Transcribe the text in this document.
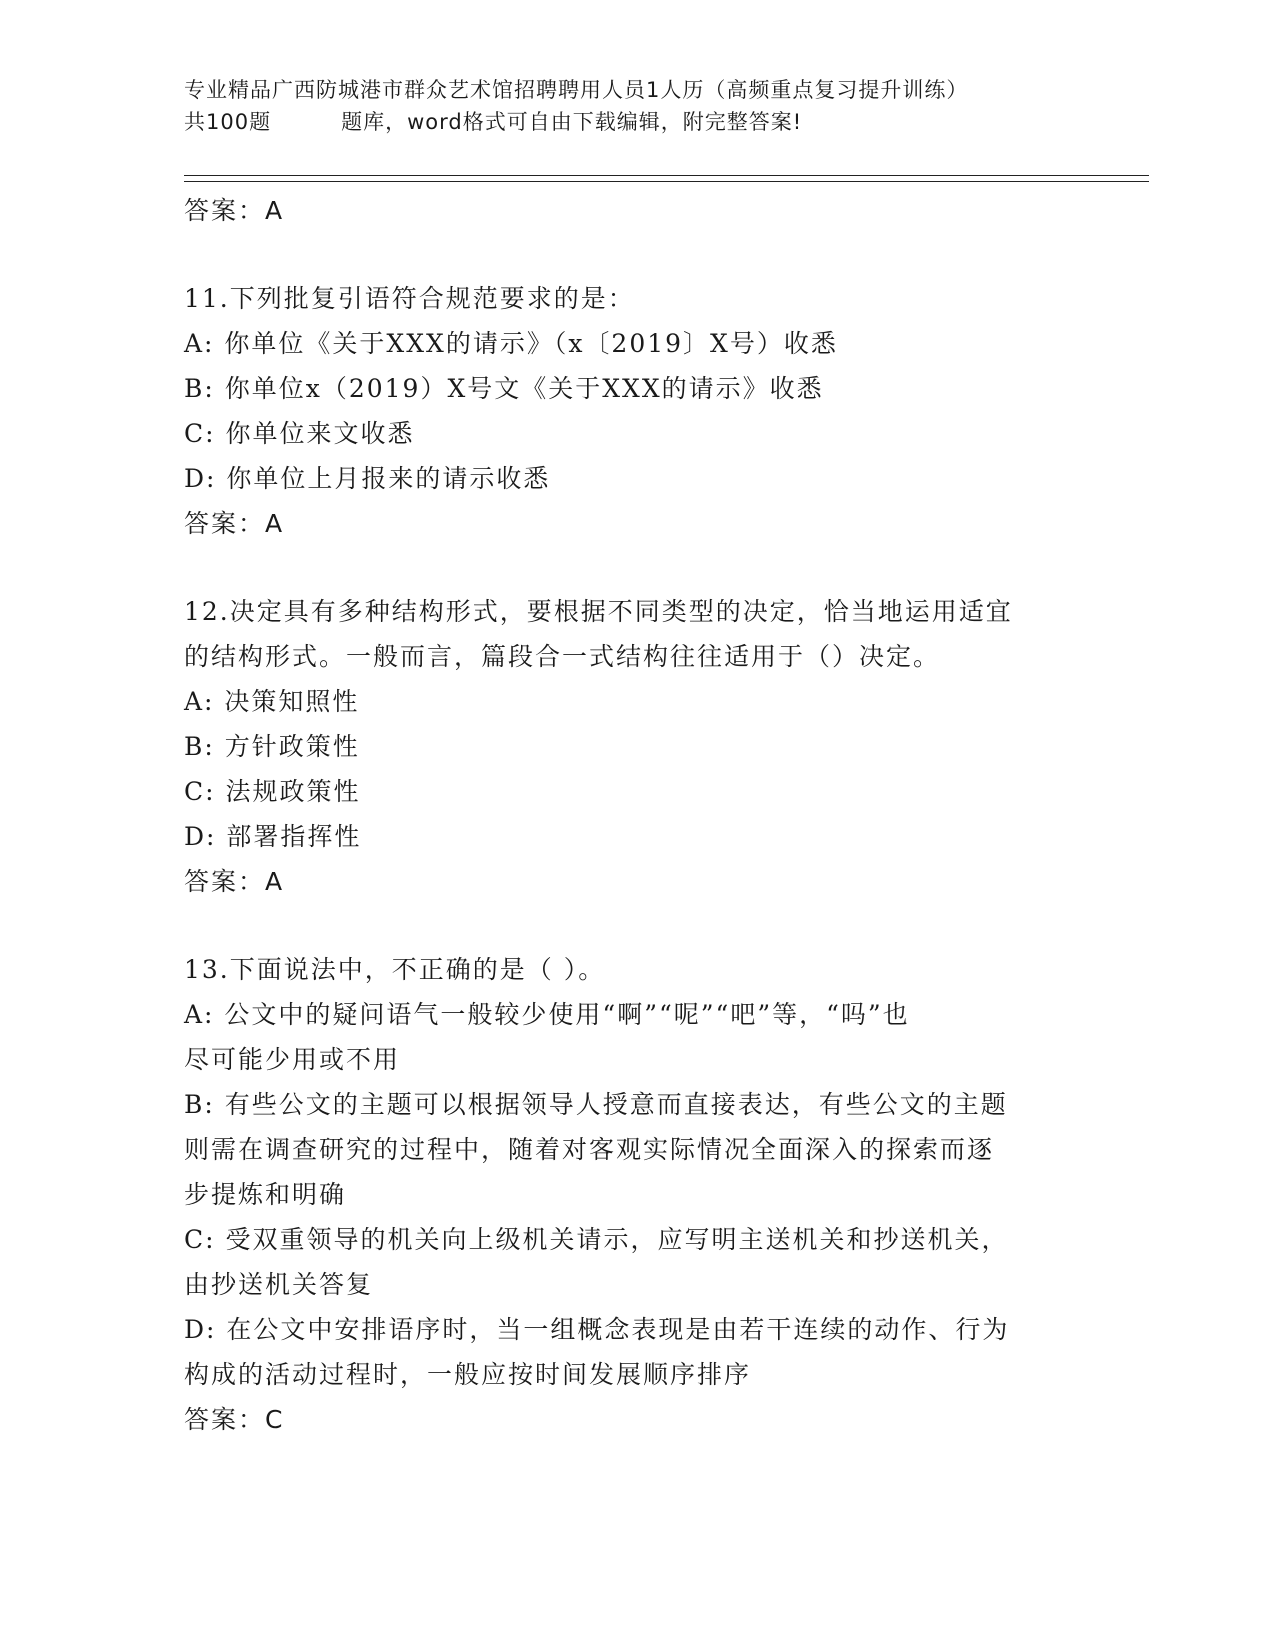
专业精品广西防城港市群众艺术馆招聘聘用人员1人历（高频重点复习提升训练）
共100题	题库，word格式可自由下载编辑，附完整答案!
答案：A
11.下列批复引语符合规范要求的是：
A: 你单位《关于XXX的请示》（x〔2019〕X号）收悉
B: 你单位x（2019）X号文《关于XXX的请示》收悉
C: 你单位来文收悉
D: 你单位上月报来的请示收悉
答案：A
12.决定具有多种结构形式，要根据不同类型的决定，恰当地运用适宜
的结构形式。一般而言，篇段合一式结构往往适用于（）决定。
A: 决策知照性
B: 方针政策性
C: 法规政策性
D: 部署指挥性
答案：A
13.下面说法中，不正确的是（ ）。
A: 公文中的疑问语气一般较少使用“啊”“呢”“吧”等，“吗”也
尽可能少用或不用
B: 有些公文的主题可以根据领导人授意而直接表达，有些公文的主题
则需在调查研究的过程中，随着对客观实际情况全面深入的探索而逐
步提炼和明确
C: 受双重领导的机关向上级机关请示，应写明主送机关和抄送机关，
由抄送机关答复
D: 在公文中安排语序时，当一组概念表现是由若干连续的动作、行为
构成的活动过程时，一般应按时间发展顺序排序
答案：C
